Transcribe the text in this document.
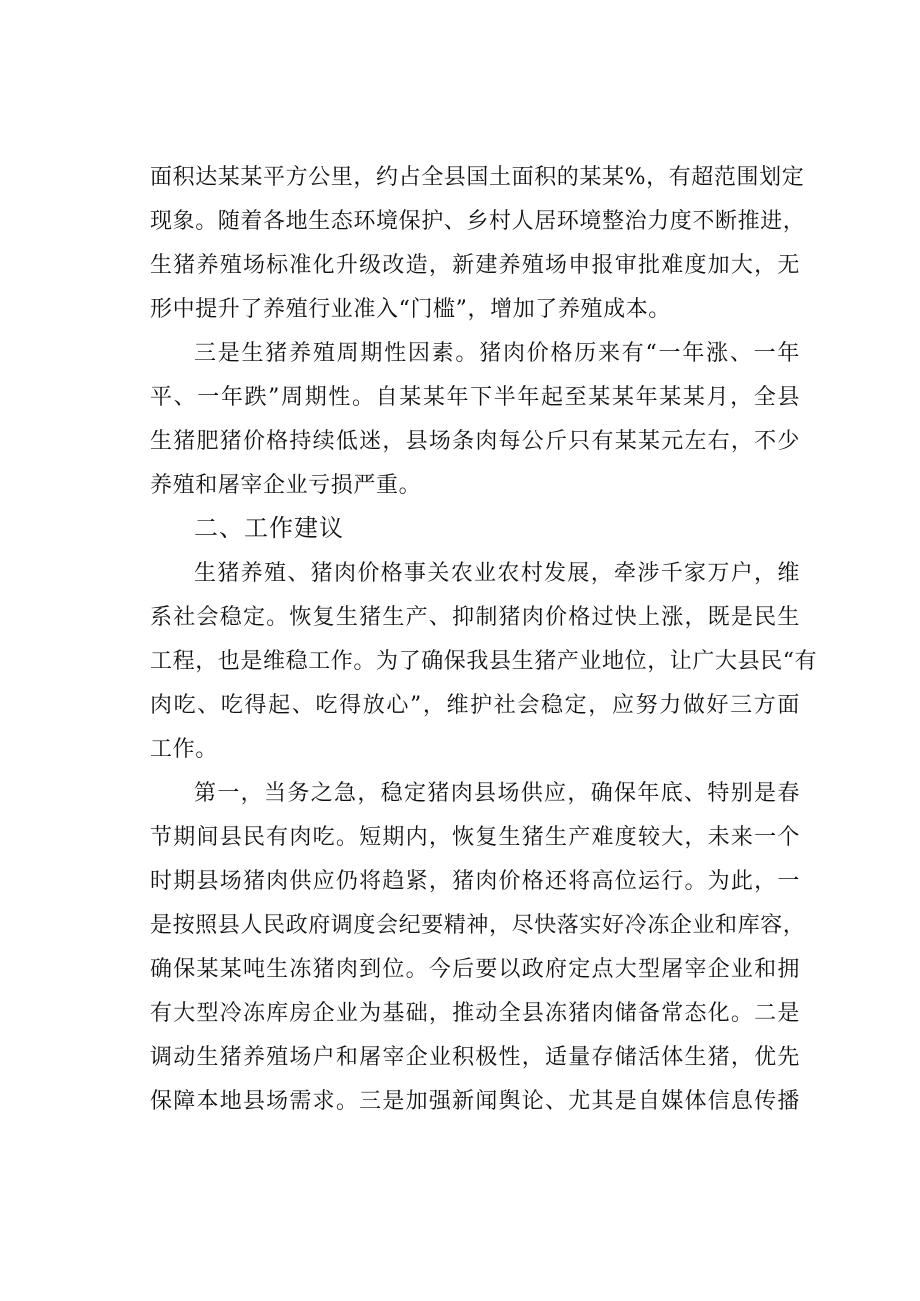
面积达某某平方公里，约占全县国土面积的某某%，有超范围划定
现象。随着各地生态环境保护、乡村人居环境整治力度不断推进，
生猪养殖场标准化升级改造，新建养殖场申报审批难度加大，无
形中提升了养殖行业准入“门槛”，增加了养殖成本。
三是生猪养殖周期性因素。猪肉价格历来有“一年涨、一年
平、一年跌”周期性。自某某年下半年起至某某年某某月，全县
生猪肥猪价格持续低迷，县场条肉每公斤只有某某元左右，不少
养殖和屠宰企业亏损严重。
二、工作建议
生猪养殖、猪肉价格事关农业农村发展，牵涉千家万户，维
系社会稳定。恢复生猪生产、抑制猪肉价格过快上涨，既是民生
工程，也是维稳工作。为了确保我县生猪产业地位，让广大县民“有
肉吃、吃得起、吃得放心”，维护社会稳定，应努力做好三方面
工作。
第一，当务之急，稳定猪肉县场供应，确保年底、特别是春
节期间县民有肉吃。短期内，恢复生猪生产难度较大，未来一个
时期县场猪肉供应仍将趋紧，猪肉价格还将高位运行。为此，一
是按照县人民政府调度会纪要精神，尽快落实好冷冻企业和库容，
确保某某吨生冻猪肉到位。今后要以政府定点大型屠宰企业和拥
有大型冷冻库房企业为基础，推动全县冻猪肉储备常态化。二是
调动生猪养殖场户和屠宰企业积极性，适量存储活体生猪，优先
保障本地县场需求。三是加强新闻舆论、尤其是自媒体信息传播
